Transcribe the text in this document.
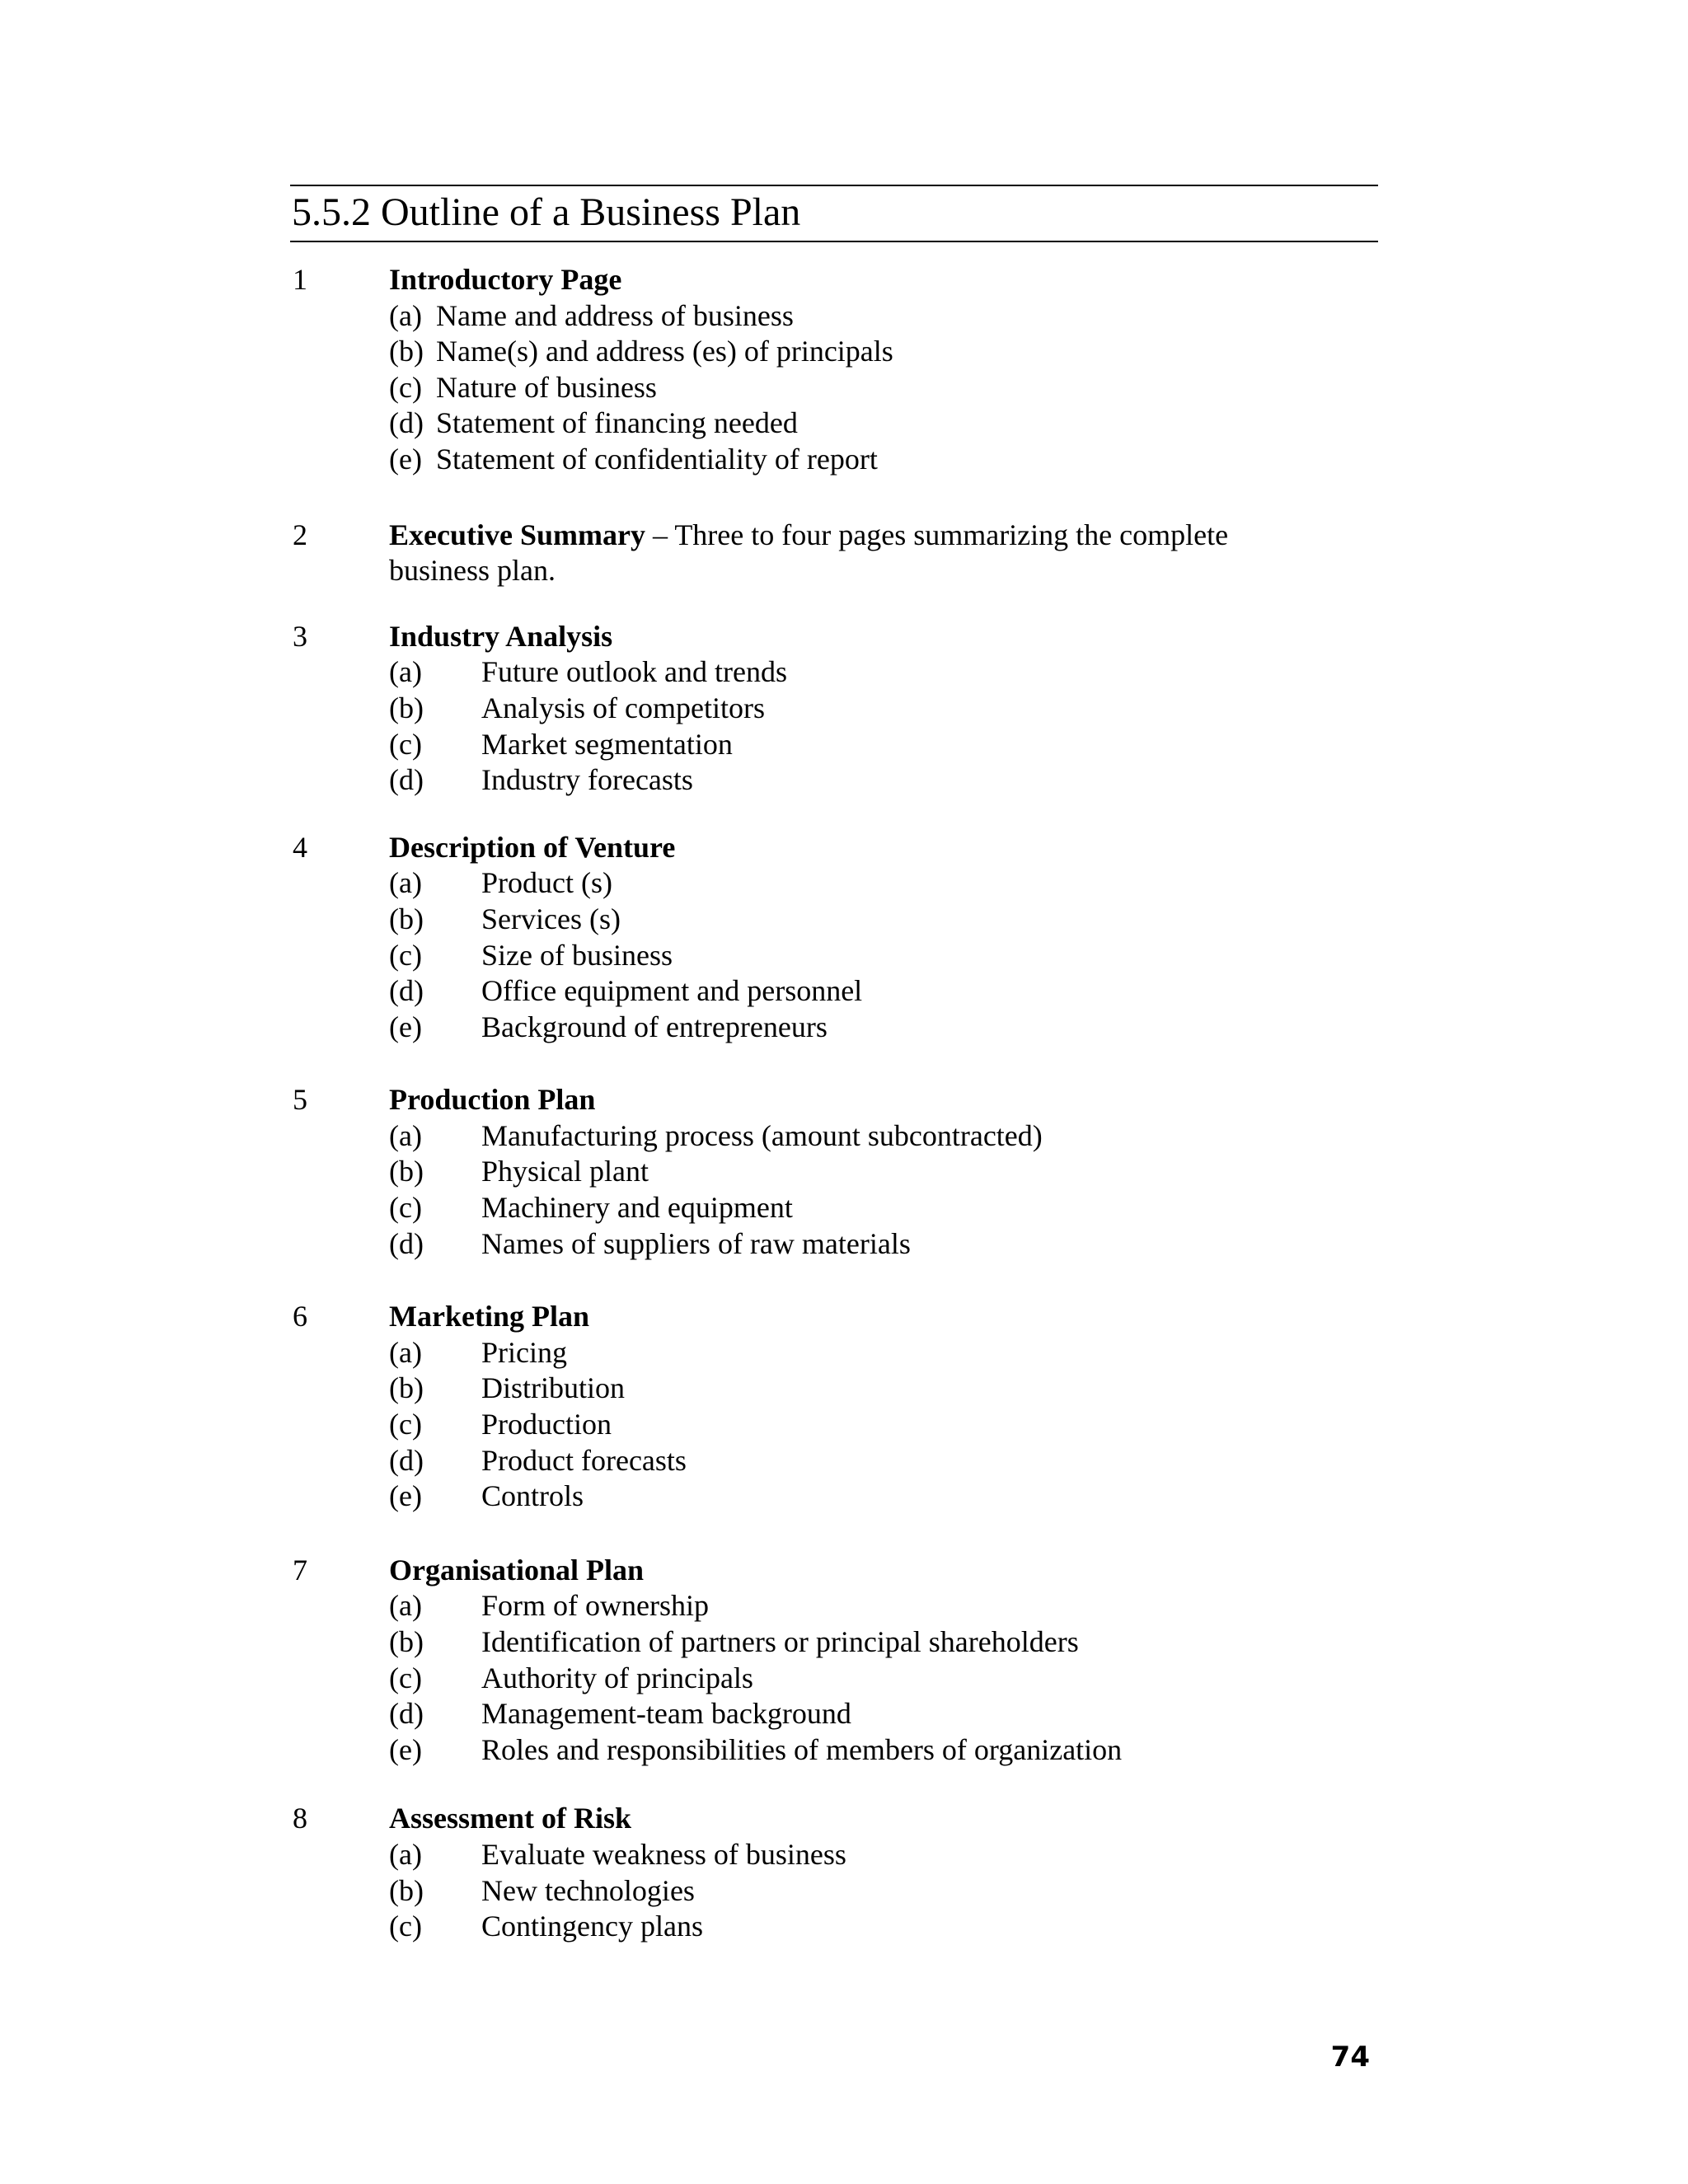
5.5.2 Outline of a Business Plan
1	Introductory Page
(a) Name and address of business
(b) Name(s) and address (es) of principals
(c) Nature of business
(d) Statement of financing needed
(e) Statement of confidentiality of report
2	Executive Summary – Three to four pages summarizing the complete
business plan.
3	Industry Analysis
(a)	Future outlook and trends
(b)	Analysis of competitors
(c)	Market segmentation
(d)	Industry forecasts
4	Description of Venture
(a)	Product (s)
(b)	Services (s)
(c)	Size of business
(d)	Office equipment and personnel
(e)	Background of entrepreneurs
5	Production Plan
(a)	Manufacturing process (amount subcontracted)
(b)	Physical plant
(c)	Machinery and equipment
(d)	Names of suppliers of raw materials
6	Marketing Plan
(a)	Pricing
(b)	Distribution
(c)	Production
(d)	Product forecasts
(e)	Controls
7	Organisational Plan
(a)	Form of ownership
(b)	Identification of partners or principal shareholders
(c)	Authority of principals
(d)	Management-team background
(e)	Roles and responsibilities of members of organization
8	Assessment of Risk
(a)	Evaluate weakness of business
(b)	New technologies
(c)	Contingency plans
74
